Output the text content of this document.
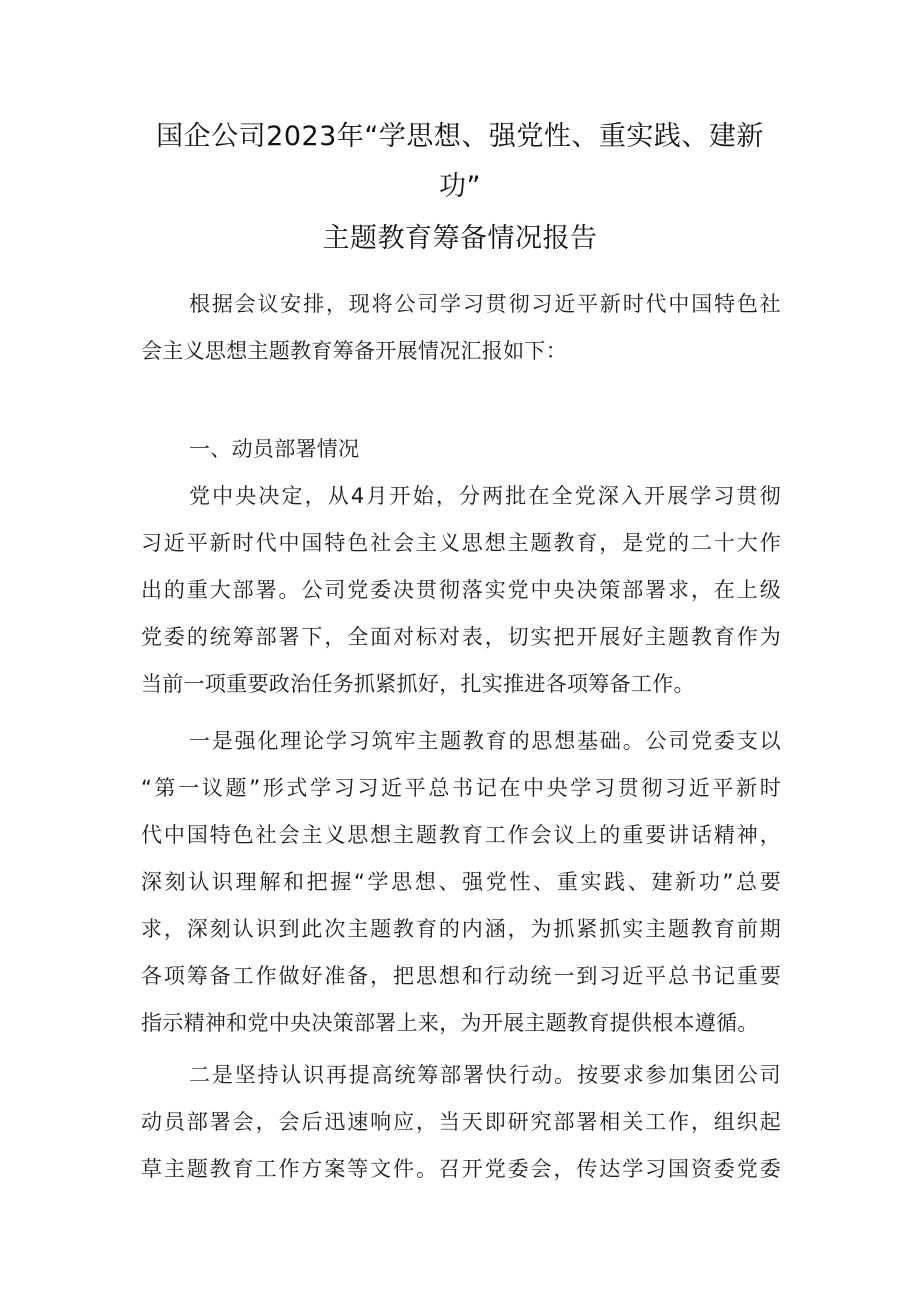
国企公司2023年“学思想、强党性、重实践、建新
功”
主题教育筹备情况报告
根据会议安排，现将公司学习贯彻习近平新时代中国特色社
会主义思想主题教育筹备开展情况汇报如下：
一、动员部署情况
党中央决定，从4月开始，分两批在全党深入开展学习贯彻
习近平新时代中国特色社会主义思想主题教育，是党的二十大作
出的重大部署。公司党委决贯彻落实党中央决策部署求，在上级
党委的统筹部署下，全面对标对表，切实把开展好主题教育作为
当前一项重要政治任务抓紧抓好，扎实推进各项筹备工作。
一是强化理论学习筑牢主题教育的思想基础。公司党委支以
“第一议题”形式学习习近平总书记在中央学习贯彻习近平新时
代中国特色社会主义思想主题教育工作会议上的重要讲话精神，
深刻认识理解和把握“学思想、强党性、重实践、建新功”总要
求，深刻认识到此次主题教育的内涵，为抓紧抓实主题教育前期
各项筹备工作做好准备，把思想和行动统一到习近平总书记重要
指示精神和党中央决策部署上来，为开展主题教育提供根本遵循。
二是坚持认识再提高统筹部署快行动。按要求参加集团公司
动员部署会，会后迅速响应，当天即研究部署相关工作，组织起
草主题教育工作方案等文件。召开党委会，传达学习国资委党委
